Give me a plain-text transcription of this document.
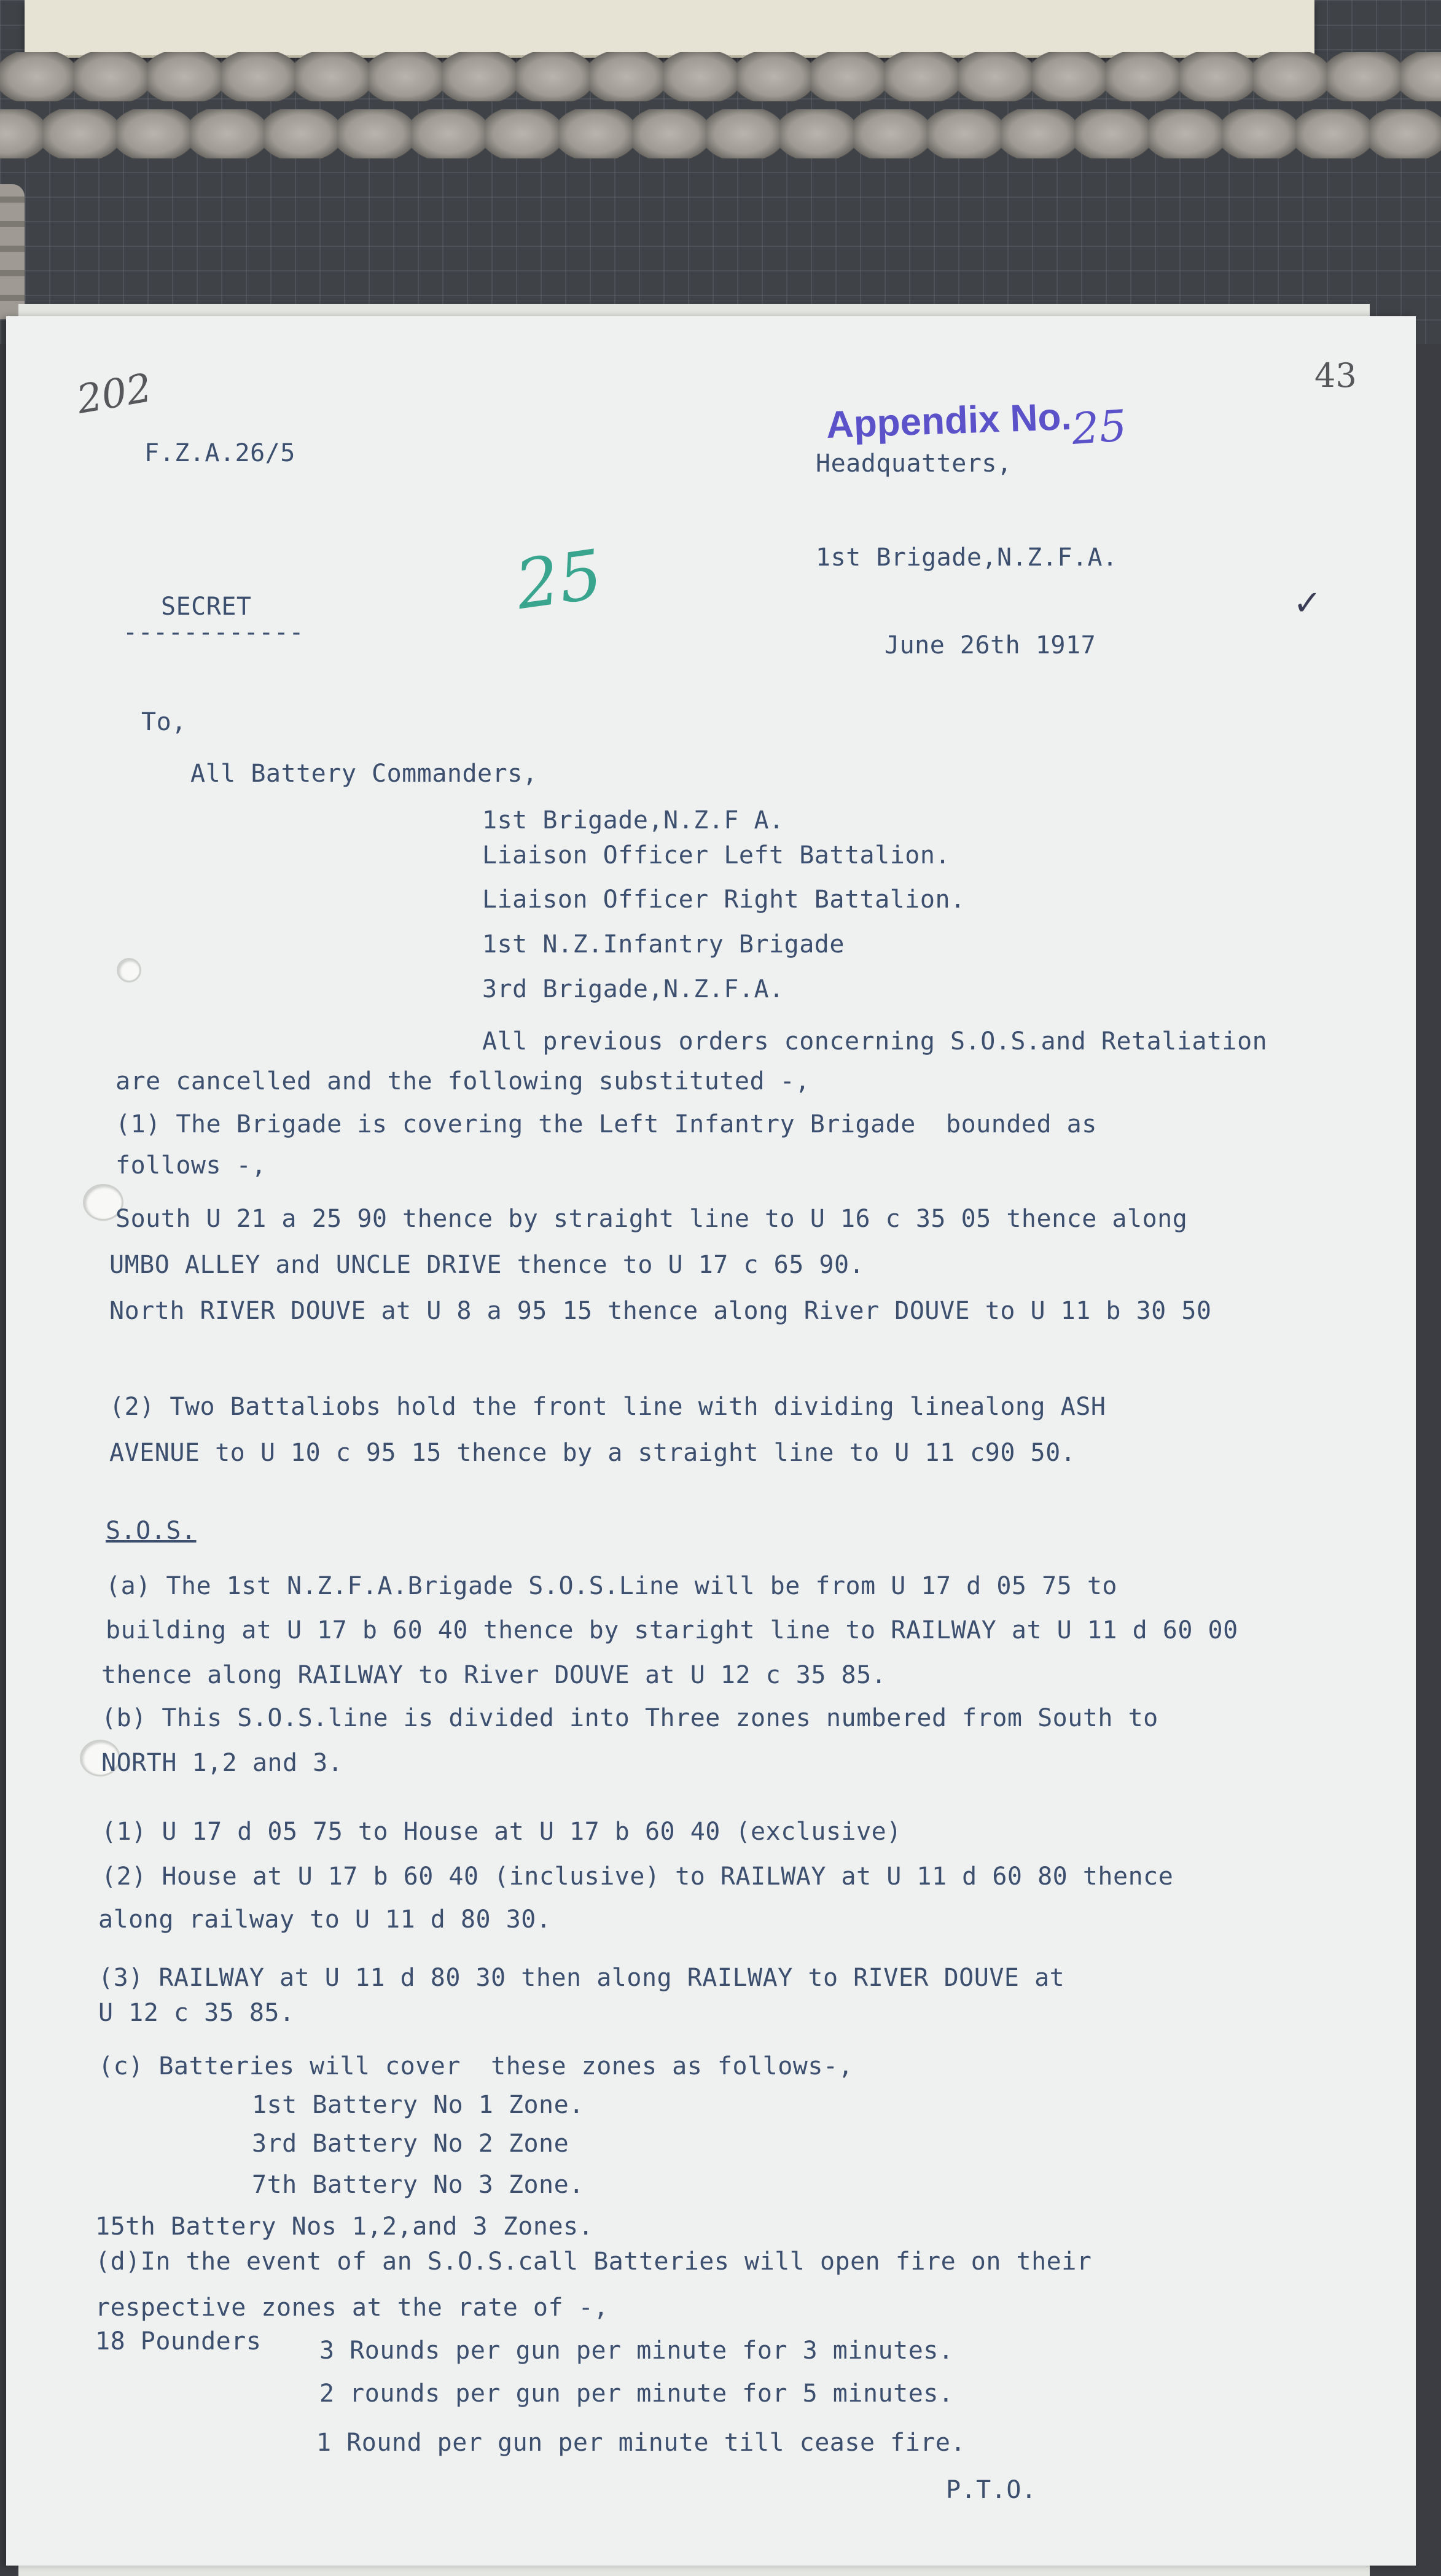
202	43
Appendix No.
25
25	✓
F.Z.A.26/5	Headquatters,
1st Brigade,N.Z.F.A.
SECRET
------------	June 26th 1917
To,
All Battery Commanders,
1st Brigade,N.Z.F A.
Liaison Officer Left Battalion.
Liaison Officer Right Battalion.
1st N.Z.Infantry Brigade
3rd Brigade,N.Z.F.A.
All previous orders concerning S.O.S.and Retaliation
are cancelled and the following substituted -,
(1) The Brigade is covering the Left Infantry Brigade  bounded as
follows -,
South U 21 a 25 90 thence by straight line to U 16 c 35 05 thence along
UMBO ALLEY and UNCLE DRIVE thence to U 17 c 65 90.
North RIVER DOUVE at U 8 a 95 15 thence along River DOUVE to U 11 b 30 50
(2) Two Battaliobs hold the front line with dividing linealong ASH
AVENUE to U 10 c 95 15 thence by a straight line to U 11 c90 50.
S.O.S.
(a) The 1st N.Z.F.A.Brigade S.O.S.Line will be from U 17 d 05 75 to
building at U 17 b 60 40 thence by staright line to RAILWAY at U 11 d 60 00
thence along RAILWAY to River DOUVE at U 12 c 35 85.
(b) This S.O.S.line is divided into Three zones numbered from South to
NORTH 1,2 and 3.
(1) U 17 d 05 75 to House at U 17 b 60 40 (exclusive)
(2) House at U 17 b 60 40 (inclusive) to RAILWAY at U 11 d 60 80 thence
along railway to U 11 d 80 30.
(3) RAILWAY at U 11 d 80 30 then along RAILWAY to RIVER DOUVE at
U 12 c 35 85.
(c) Batteries will cover  these zones as follows-,
1st Battery No 1 Zone.
3rd Battery No 2 Zone
7th Battery No 3 Zone.
15th Battery Nos 1,2,and 3 Zones.
(d)In the event of an S.O.S.call Batteries will open fire on their
respective zones at the rate of -,
18 Pounders 3 Rounds per gun per minute for 3 minutes.
2 rounds per gun per minute for 5 minutes.
1 Round per gun per minute till cease fire.
P.T.O.
